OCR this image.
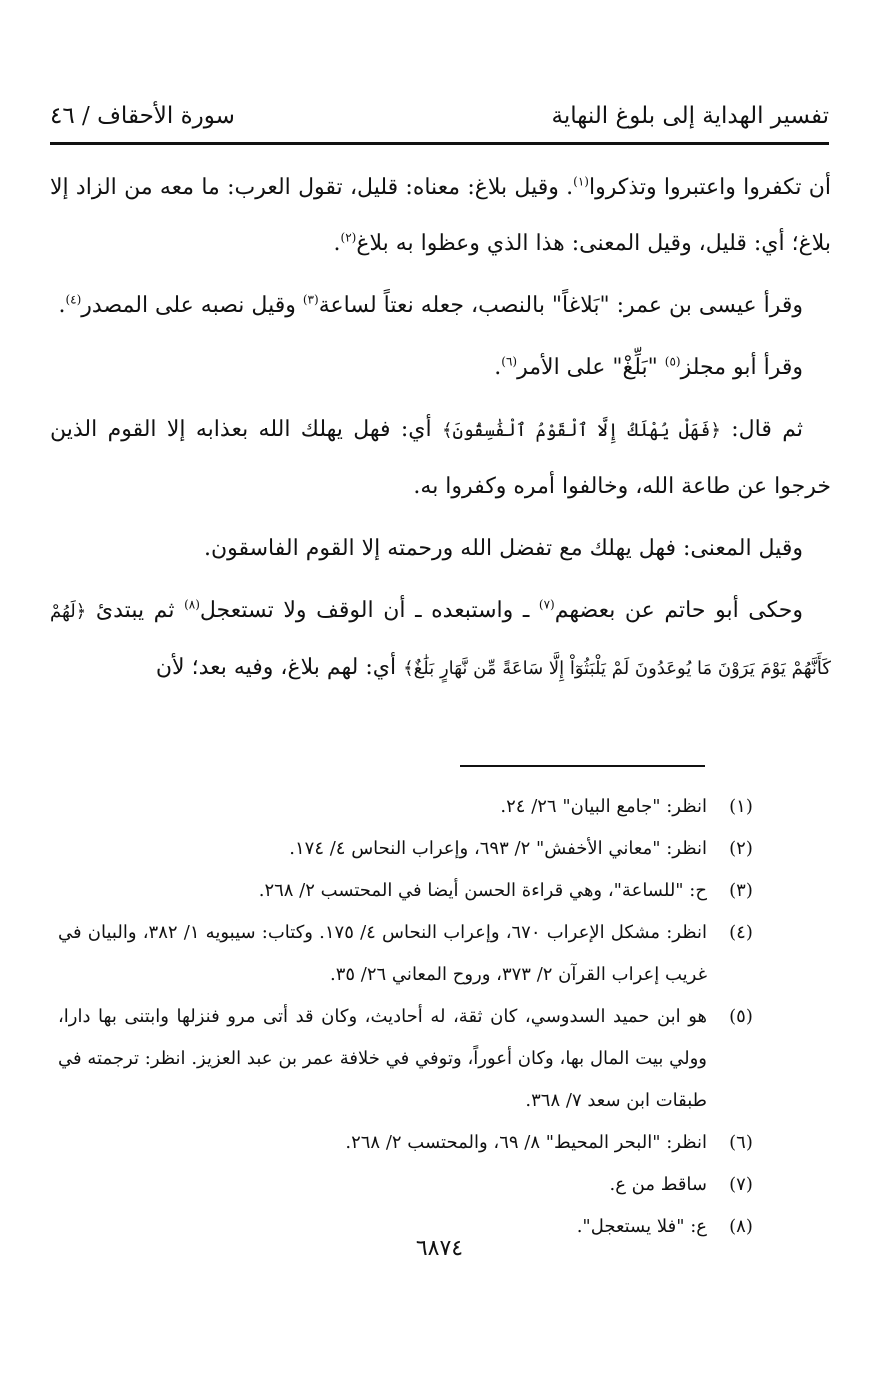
تفسير الهداية إلى بلوغ النهاية
سورة الأحقاف / ٤٦

أن تكفروا واعتبروا وتذكروا$^{(١)}$. وقيل بلاغ: معناه: قليل، تقول العرب: ما معه من الزاد إلا بلاغ؛ أي: قليل، وقيل المعنى: هذا الذي وعظوا به بلاغ$^{(٢)}$.

وقرأ عيسى بن عمر: "بَلاغاً" بالنصب، جعله نعتاً لساعة$^{(٣)}$ وقيل نصبه على المصدر$^{(٤)}$.

وقرأ أبو مجلز$^{(٥)}$ "بَلِّغْ" على الأمر$^{(٦)}$.

ثم قال: ﴿فَهَلْ يُهْلَكُ إِلَّا ٱلْقَوْمُ ٱلْفَٰسِقُونَ﴾ أي: فهل يهلك الله بعذابه إلا القوم الذين خرجوا عن طاعة الله، وخالفوا أمره وكفروا به.

وقيل المعنى: فهل يهلك مع تفضل الله ورحمته إلا القوم الفاسقون.

وحكى أبو حاتم عن بعضهم$^{(٧)}$ ـ واستبعده ـ أن الوقف ولا تستعجل$^{(٨)}$ ثم يبتدئ ﴿لَهُمْ كَأَنَّهُمْ يَوْمَ يَرَوْنَ مَا يُوعَدُونَ لَمْ يَلْبَثُوٓاْ إِلَّا سَاعَةً مِّن نَّهَارٍ بَلَٰغٌ﴾ أي: لهم بلاغ، وفيه بعد؛ لأن

(١)
انظر: "جامع البيان" ٢٦/ ٢٤.
(٢)
انظر: "معاني الأخفش" ٢/ ٦٩٣، وإعراب النحاس ٤/ ١٧٤.
(٣)
ح: "للساعة"، وهي قراءة الحسن أيضا في المحتسب ٢/ ٢٦٨.
(٤)
انظر: مشكل الإعراب ٦٧٠، وإعراب النحاس ٤/ ١٧٥. وكتاب: سيبويه ١/ ٣٨٢، والبيان في غريب إعراب القرآن ٢/ ٣٧٣، وروح المعاني ٢٦/ ٣٥.
(٥)
هو ابن حميد السدوسي، كان ثقة، له أحاديث، وكان قد أتى مرو فنزلها وابتنى بها دارا، وولي بيت المال بها، وكان أعوراً، وتوفي في خلافة عمر بن عبد العزيز. انظر: ترجمته في طبقات ابن سعد ٧/ ٣٦٨.
(٦)
انظر: "البحر المحيط" ٨/ ٦٩، والمحتسب ٢/ ٢٦٨.
(٧)
ساقط من ع.
(٨)
ع: "فلا يستعجل".
٦٨٧٤
